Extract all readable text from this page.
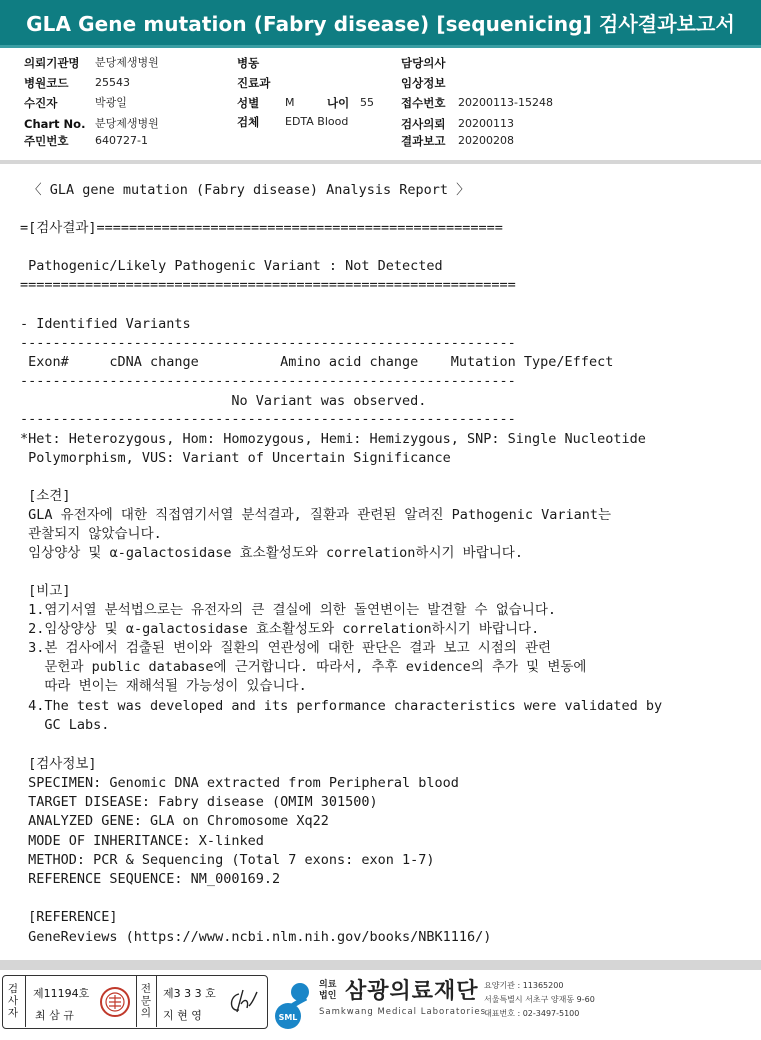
GLA Gene mutation (Fabry disease) [sequenicing] 검사결과보고서
의뢰기관명 분당제생병원
병원코드 25543
수진자	박광일
Chart No. 분당제생병원
주민번호 640727-1
병동
진료과
성별 M	나이 55
검체 EDTA Blood
담당의사
임상정보
접수번호 20200113-15248
검사의뢰 20200113
결과보고 20200208
〈 GLA gene mutation (Fabry disease) Analysis Report 〉
=[검사결과]==================================================
Pathogenic/Likely Pathogenic Variant : Not Detected
=============================================================
- Identified Variants
-------------------------------------------------------------
Exon#     cDNA change          Amino acid change    Mutation Type/Effect
-------------------------------------------------------------
No Variant was observed.
-------------------------------------------------------------
*Het: Heterozygous, Hom: Homozygous, Hemi: Hemizygous, SNP: Single Nucleotide
Polymorphism, VUS: Variant of Uncertain Significance
[소견]
GLA 유전자에 대한 직접염기서열 분석결과, 질환과 관련된 알려진 Pathogenic Variant는
관찰되지 않았습니다.
임상양상 및 α-galactosidase 효소활성도와 correlation하시기 바랍니다.
[비고]
1.염기서열 분석법으로는 유전자의 큰 결실에 의한 돌연변이는 발견할 수 없습니다.
2.임상양상 및 α-galactosidase 효소활성도와 correlation하시기 바랍니다.
3.본 검사에서 검출된 변이와 질환의 연관성에 대한 판단은 결과 보고 시점의 관련
문헌과 public database에 근거합니다. 따라서, 추후 evidence의 추가 및 변동에
따라 변이는 재해석될 가능성이 있습니다.
4.The test was developed and its performance characteristics were validated by
GC Labs.
[검사정보]
SPECIMEN: Genomic DNA extracted from Peripheral blood
TARGET DISEASE: Fabry disease (OMIM 301500)
ANALYZED GENE: GLA on Chromosome Xq22
MODE OF INHERITANCE: X-linked
METHOD: PCR & Sequencing (Total 7 exons: exon 1-7)
REFERENCE SEQUENCE: NM_000169.2
[REFERENCE]
GeneReviews (https://www.ncbi.nlm.nih.gov/books/NBK1116/)
검사자
제11194호
최 삼 규
전문의
제3 3 3 호
지 현 영	SML
의료법인 삼광의료재단
Samkwang Medical Laboratories
요양기관 : 11365200
서울특별시 서초구 양재동 9-60
대표번호 : 02-3497-5100
